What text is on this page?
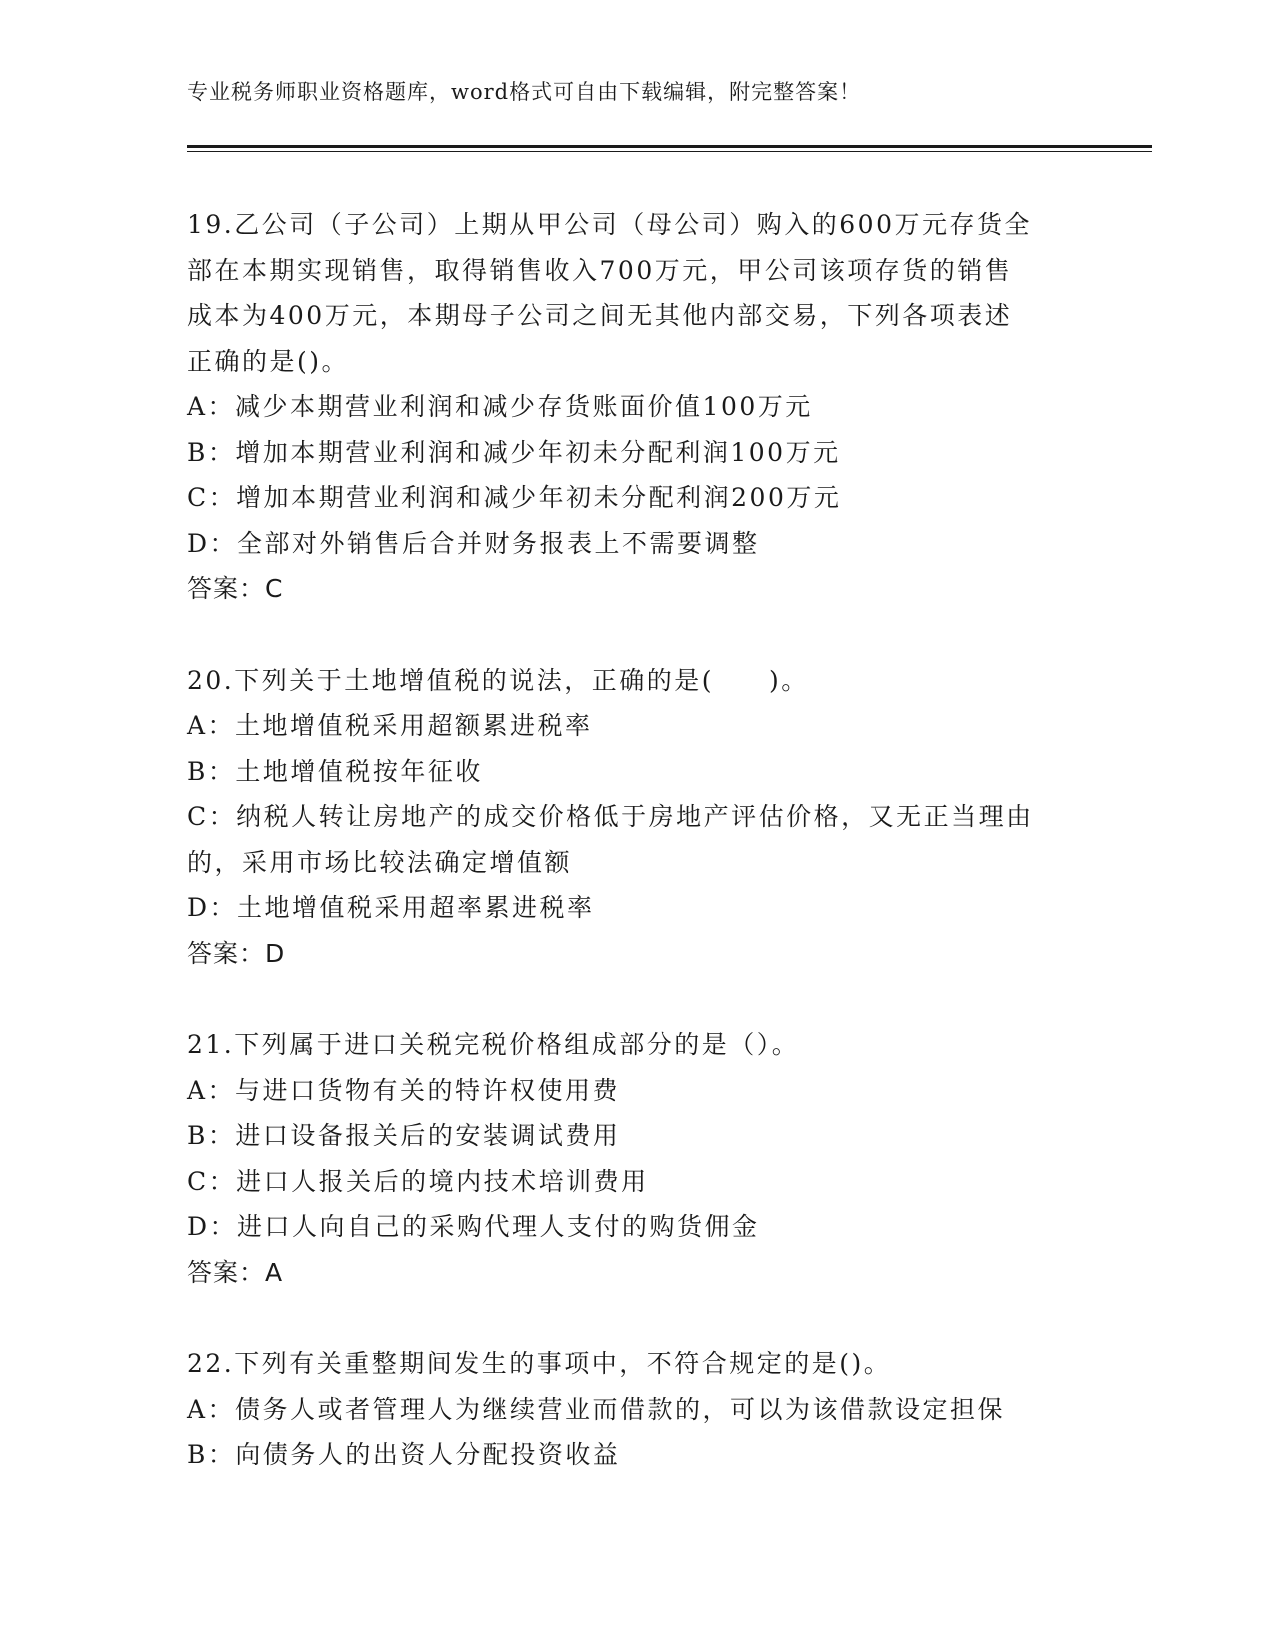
专业税务师职业资格题库，word格式可自由下载编辑，附完整答案！
19.乙公司（子公司）上期从甲公司（母公司）购入的600万元存货全
部在本期实现销售，取得销售收入700万元，甲公司该项存货的销售
成本为400万元，本期母子公司之间无其他内部交易，下列各项表述
正确的是()。
A：减少本期营业利润和减少存货账面价值100万元
B：增加本期营业利润和减少年初未分配利润100万元
C：增加本期营业利润和减少年初未分配利润200万元
D：全部对外销售后合并财务报表上不需要调整
答案：C
20.下列关于土地增值税的说法，正确的是(　　)。
A：土地增值税采用超额累进税率
B：土地增值税按年征收
C：纳税人转让房地产的成交价格低于房地产评估价格，又无正当理由
的，采用市场比较法确定增值额
D：土地增值税采用超率累进税率
答案：D
21.下列属于进口关税完税价格组成部分的是（）。
A：与进口货物有关的特许权使用费
B：进口设备报关后的安装调试费用
C：进口人报关后的境内技术培训费用
D：进口人向自己的采购代理人支付的购货佣金
答案：A
22.下列有关重整期间发生的事项中，不符合规定的是()。
A：债务人或者管理人为继续营业而借款的，可以为该借款设定担保
B：向债务人的出资人分配投资收益
